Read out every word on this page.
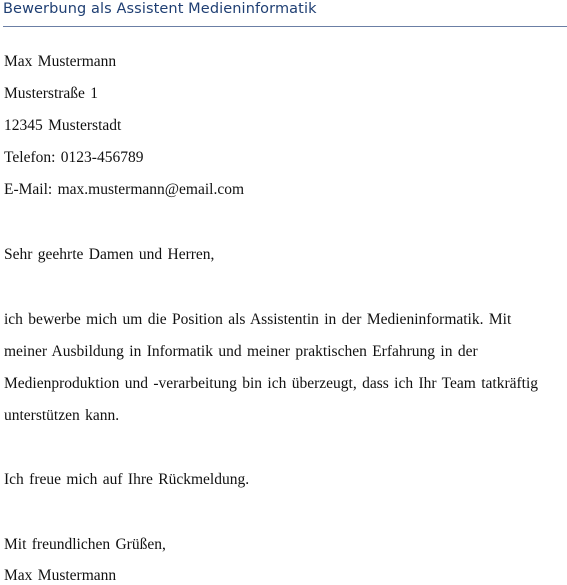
Bewerbung als Assistent Medieninformatik
Max Mustermann
Musterstraße 1
12345 Musterstadt
Telefon: 0123-456789
E-Mail: max.mustermann@email.com
Sehr geehrte Damen und Herren,
ich bewerbe mich um die Position als Assistentin in der Medieninformatik. Mit
meiner Ausbildung in Informatik und meiner praktischen Erfahrung in der
Medienproduktion und -verarbeitung bin ich überzeugt, dass ich Ihr Team tatkräftig
unterstützen kann.
Ich freue mich auf Ihre Rückmeldung.
Mit freundlichen Grüßen,
Max Mustermann
